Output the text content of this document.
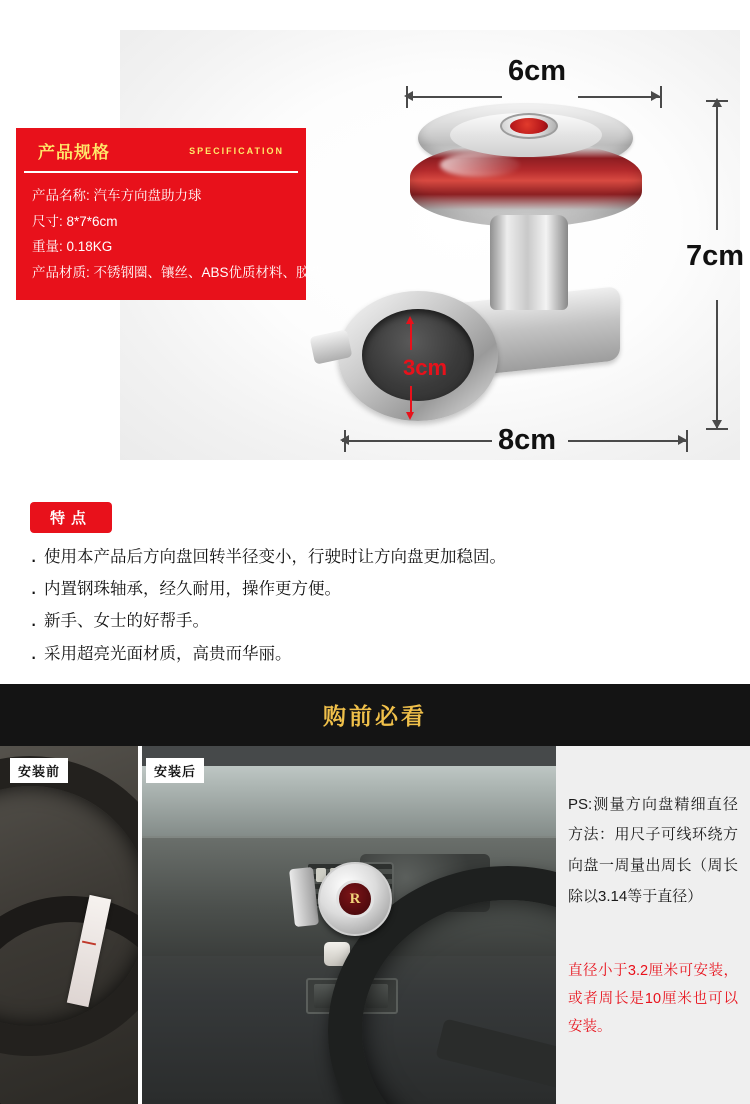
6cm
7cm
8cm
3cm
产品规格	SPECIFICATION
产品名称: 汽车方向盘助力球
尺寸: 8*7*6cm
重量: 0.18KG
产品材质: 不锈钢圈、镶丝、ABS优质材料、胶垫
特点
· 使用本产品后方向盘回转半径变小，行驶时让方向盘更加稳固。
· 内置钢珠轴承，经久耐用，操作更方便。
· 新手、女士的好帮手。
· 采用超亮光面材质，高贵而华丽。
购前必看
安装前	安装后
PS:测量方向盘精细直径方法：用尺子可线环绕方向盘一周量出周长（周长除以3.14等于直径）
直径小于3.2厘米可安装，或者周长是10厘米也可以安装。
R
